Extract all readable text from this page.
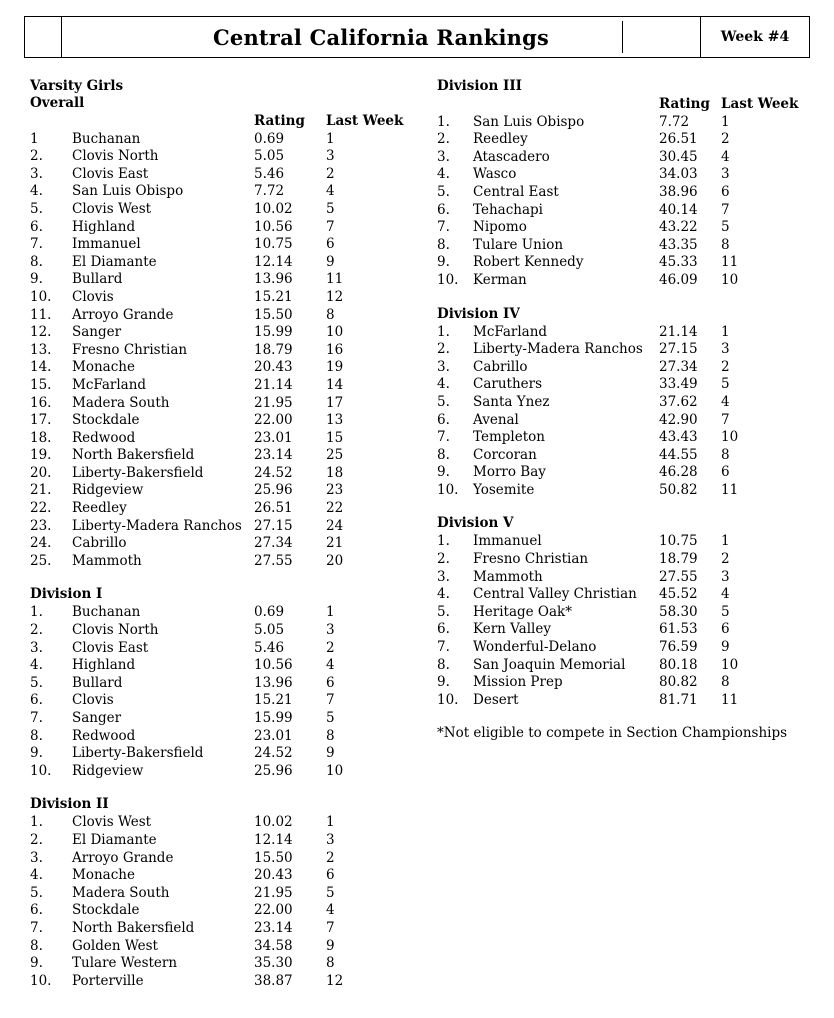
Central California Rankings	Week #4
Varsity Girls
Overall
		Rating	Last Week
1	Buchanan	0.69	1
2.	Clovis North	5.05	3
3.	Clovis East	5.46	2
4.	San Luis Obispo	7.72	4
5.	Clovis West	10.02	5
6.	Highland	10.56	7
7.	Immanuel	10.75	6
8.	El Diamante	12.14	9
9.	Bullard	13.96	11
10.	Clovis	15.21	12
11.	Arroyo Grande	15.50	8
12.	Sanger	15.99	10
13.	Fresno Christian	18.79	16
14.	Monache	20.43	19
15.	McFarland	21.14	14
16.	Madera South	21.95	17
17.	Stockdale	22.00	13
18.	Redwood	23.01	15
19.	North Bakersfield	23.14	25
20.	Liberty-Bakersfield	24.52	18
21.	Ridgeview	25.96	23
22.	Reedley	26.51	22
23.	Liberty-Madera Ranchos	27.15	24
24.	Cabrillo	27.34	21
25.	Mammoth	27.55	20
Division I
1.	Buchanan	0.69	1
2.	Clovis North	5.05	3
3.	Clovis East	5.46	2
4.	Highland	10.56	4
5.	Bullard	13.96	6
6.	Clovis	15.21	7
7.	Sanger	15.99	5
8.	Redwood	23.01	8
9.	Liberty-Bakersfield	24.52	9
10.	Ridgeview	25.96	10
Division II
1.	Clovis West	10.02	1
2.	El Diamante	12.14	3
3.	Arroyo Grande	15.50	2
4.	Monache	20.43	6
5.	Madera South	21.95	5
6.	Stockdale	22.00	4
7.	North Bakersfield	23.14	7
8.	Golden West	34.58	9
9.	Tulare Western	35.30	8
10.	Porterville	38.87	12
Division III
		Rating	Last Week
1.	San Luis Obispo	7.72	1
2.	Reedley	26.51	2
3.	Atascadero	30.45	4
4.	Wasco	34.03	3
5.	Central East	38.96	6
6.	Tehachapi	40.14	7
7.	Nipomo	43.22	5
8.	Tulare Union	43.35	8
9.	Robert Kennedy	45.33	11
10.	Kerman	46.09	10
Division IV
1.	McFarland	21.14	1
2.	Liberty-Madera Ranchos	27.15	3
3.	Cabrillo	27.34	2
4.	Caruthers	33.49	5
5.	Santa Ynez	37.62	4
6.	Avenal	42.90	7
7.	Templeton	43.43	10
8.	Corcoran	44.55	8
9.	Morro Bay	46.28	6
10.	Yosemite	50.82	11
Division V
1.	Immanuel	10.75	1
2.	Fresno Christian	18.79	2
3.	Mammoth	27.55	3
4.	Central Valley Christian	45.52	4
5.	Heritage Oak*	58.30	5
6.	Kern Valley	61.53	6
7.	Wonderful-Delano	76.59	9
8.	San Joaquin Memorial	80.18	10
9.	Mission Prep	80.82	8
10.	Desert	81.71	11
*Not eligible to compete in Section Championships
